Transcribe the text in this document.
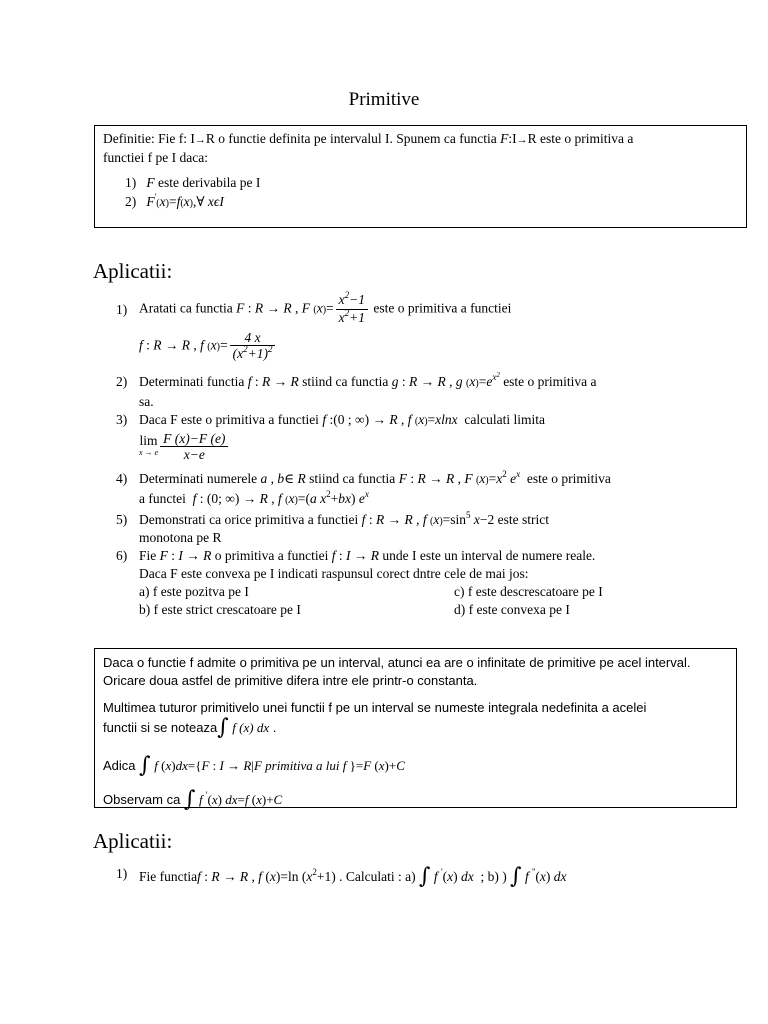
Primitive
Definitie: Fie f: I→R o functie definita pe intervalul I. Spunem ca functia F:I→R este o primitiva a
functiei f pe I daca:
1) F este derivabila pe I
2) F'(x)=f(x),∀ xϵI
Aplicatii:
1) Aratati ca functia F : R → R , F $(x)= \frac{x^2-1}{x^2+1}$ este o primitiva a functiei
f : R → R , f $(x)= \frac{4 x}{(x^2+1)^2}$
2) Determinati functia f : R → R stiind ca functia g : R → R , g $(x)=e^{x^2}$ este o primitiva a
sa.
3) Daca F este o primitiva a functiei f :(0 ; ∞) → R , f (x)=xlnx calculati limita
lim
x → e $\frac{F (x)-F (e)}{x-e}$
4) Determinati numerele a , b∈ R stiind ca functia F : R → R , F $(x)=x^2$ $e^x$ este o primitiva
a functei f : (0; ∞) → R , f (x)=(a $x^2+bx$) $e^x$
5) Demonstrati ca orice primitiva a functiei f : R → R , f $(x)=\sin^5$ x−2 este strict
monotona pe R
6) Fie F : I → R o primitiva a functiei f : I → R unde I este un interval de numere reale.
Daca F este convexa pe I indicati raspunsul corect dntre cele de mai jos:
a) f este pozitva pe I	c) f este descrescatoare pe I
b) f este strict crescatoare pe I	d) f este convexa pe I
Daca o functie f admite o primitiva pe un interval, atunci ea are o infinitate de primitive pe acel interval. Oricare doua astfel de primitive difera intre ele printr-o constanta.
Multimea tuturor primitivelo unei functii f pe un interval se numeste integrala nedefinita a acelei
functii si se noteaza∫ f (x) dx .
Adica ∫ f (x)dx={F : I → R|F primitiva a lui f }=F (x)+C
Observam ca ∫ f '(x) dx=f (x)+C
Aplicatii:
1) Fie functiaf : R → R , f (x)=ln $(x^2+1)$ . Calculati : a) ∫ f '(x) dx ; b) ) ∫ f ''(x) dx
